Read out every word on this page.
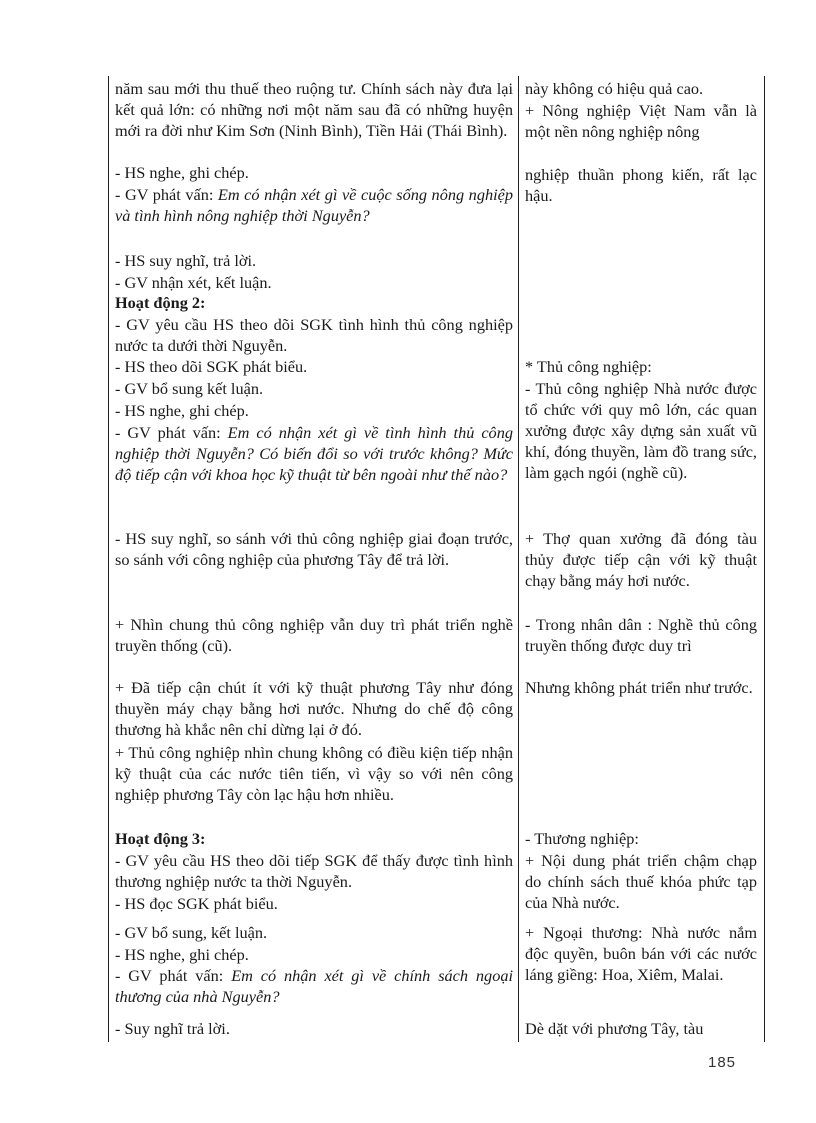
năm sau mới thu thuế theo ruộng tư. Chính sách này đưa lại kết quả lớn: có những nơi một năm sau đã có những huyện mới ra đời như Kim Sơn (Ninh Bình), Tiền Hải (Thái Bình).
- HS nghe, ghi chép.
- GV phát vấn: Em có nhận xét gì về cuộc sống nông nghiệp và tình hình nông nghiệp thời Nguyễn?
- HS suy nghĩ, trả lời.
- GV nhận xét, kết luận.
Hoạt động 2:
- GV yêu cầu HS theo dõi SGK tình hình thủ công nghiệp nước ta dưới thời Nguyễn.
- HS theo dõi SGK phát biểu.
- GV bổ sung kết luận.
- HS nghe, ghi chép.
- GV phát vấn: Em có nhận xét gì về tình hình thủ công nghiệp thời Nguyễn? Có biến đổi so với trước không? Mức độ tiếp cận với khoa học kỹ thuật từ bên ngoài như thế nào?
- HS suy nghĩ, so sánh với thủ công nghiệp giai đoạn trước, so sánh với công nghiệp của phương Tây để trả lời.
+ Nhìn chung thủ công nghiệp vẫn duy trì phát triển nghề truyền thống (cũ).
+ Đã tiếp cận chút ít với kỹ thuật phương Tây như đóng thuyền máy chạy bằng hơi nước. Nhưng do chế độ công thương hà khắc nên chỉ dừng lại ở đó.
+ Thủ công nghiệp nhìn chung không có điều kiện tiếp nhận kỹ thuật của các nước tiên tiến, vì vậy so với nên công nghiệp phương Tây còn lạc hậu hơn nhiều.
Hoạt động 3:
- GV yêu cầu HS theo dõi tiếp SGK để thấy được tình hình thương nghiệp nước ta thời Nguyễn.
- HS đọc SGK phát biểu.
- GV bổ sung, kết luận.
- HS nghe, ghi chép.
- GV phát vấn: Em có nhận xét gì về chính sách ngoại thương của nhà Nguyễn?
- Suy nghĩ trả lời.
này không có hiệu quả cao.
+ Nông nghiệp Việt Nam vẫn là một nền nông nghiệp nông
nghiệp thuần phong kiến, rất lạc hậu.
* Thủ công nghiệp:
- Thủ công nghiệp Nhà nước được tổ chức với quy mô lớn, các quan xưởng được xây dựng sản xuất vũ khí, đóng thuyền, làm đồ trang sức, làm gạch ngói (nghề cũ).
+ Thợ quan xưởng đã đóng tàu thủy được tiếp cận với kỹ thuật chạy bằng máy hơi nước.
- Trong nhân dân : Nghề thủ công truyền thống được duy trì
Nhưng không phát triển như trước.
- Thương nghiệp:
+ Nội dung phát triển chậm chạp do chính sách thuế khóa phức tạp của Nhà nước.
+ Ngoại thương: Nhà nước nắm độc quyền, buôn bán với các nước láng giềng: Hoa, Xiêm, Malai.
Dè dặt với phương Tây, tàu
185
